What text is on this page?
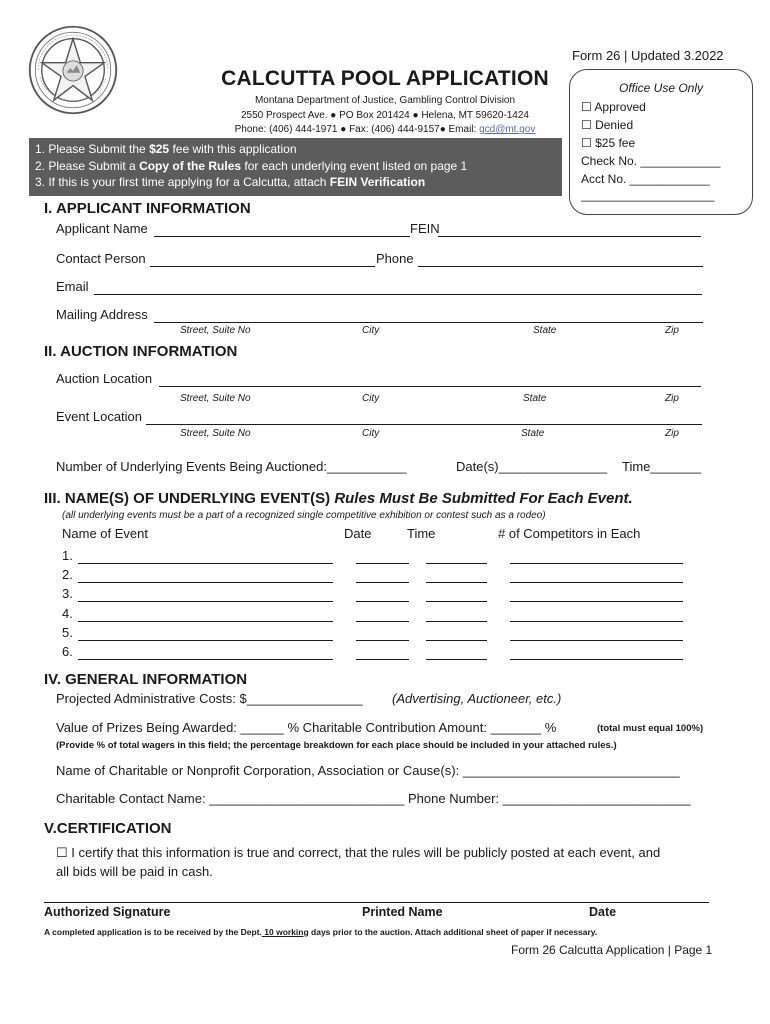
Form 26 | Updated 3.2022
CALCUTTA POOL APPLICATION
Montana Department of Justice, Gambling Control Division
2550 Prospect Ave. ● PO Box 201424 ● Helena, MT 59620-1424
Phone: (406) 444-1971 ● Fax: (406) 444-9157● Email: gcd@mt.gov
Office Use Only
☐ Approved
☐ Denied
☐ $25 fee
Check No. ____________
Acct No. ____________
____________________
1. Please Submit the $25 fee with this application
2. Please Submit a Copy of the Rules for each underlying event listed on page 1
3. If this is your first time applying for a Calcutta, attach FEIN Verification
I. APPLICANT INFORMATION
Applicant Name	FEIN
Contact Person	Phone
Email
Mailing Address
Street, Suite No	City	State	Zip
II. AUCTION INFORMATION
Auction Location
Street, Suite No	City	State	Zip
Event Location
Street, Suite No	City	State	Zip
Number of Underlying Events Being Auctioned:___________	Date(s)_______________ Time_______
III. NAME(S) OF UNDERLYING EVENT(S) Rules Must Be Submitted For Each Event.
(all underlying events must be a part of a recognized single competitive exhibition or contest such as a rodeo)
Name of Event	Date	Time	# of Competitors in Each
1.
2.
3.
4.
5.
6.
IV. GENERAL INFORMATION
Projected Administrative Costs: $________________ (Advertising, Auctioneer, etc.)
Value of Prizes Being Awarded: ______ % Charitable Contribution Amount: _______ %	(total must equal 100%)
(Provide % of total wagers in this field; the percentage breakdown for each place should be included in your attached rules.)
Name of Charitable or Nonprofit Corporation, Association or Cause(s): ______________________________
Charitable Contact Name: ___________________________ Phone Number: __________________________
V.CERTIFICATION
☐ I certify that this information is true and correct, that the rules will be publicly posted at each event, and
all bids will be paid in cash.
Authorized Signature	Printed Name	Date
A completed application is to be received by the Dept. 10 working days prior to the auction. Attach additional sheet of paper if necessary.
Form 26 Calcutta Application | Page 1
